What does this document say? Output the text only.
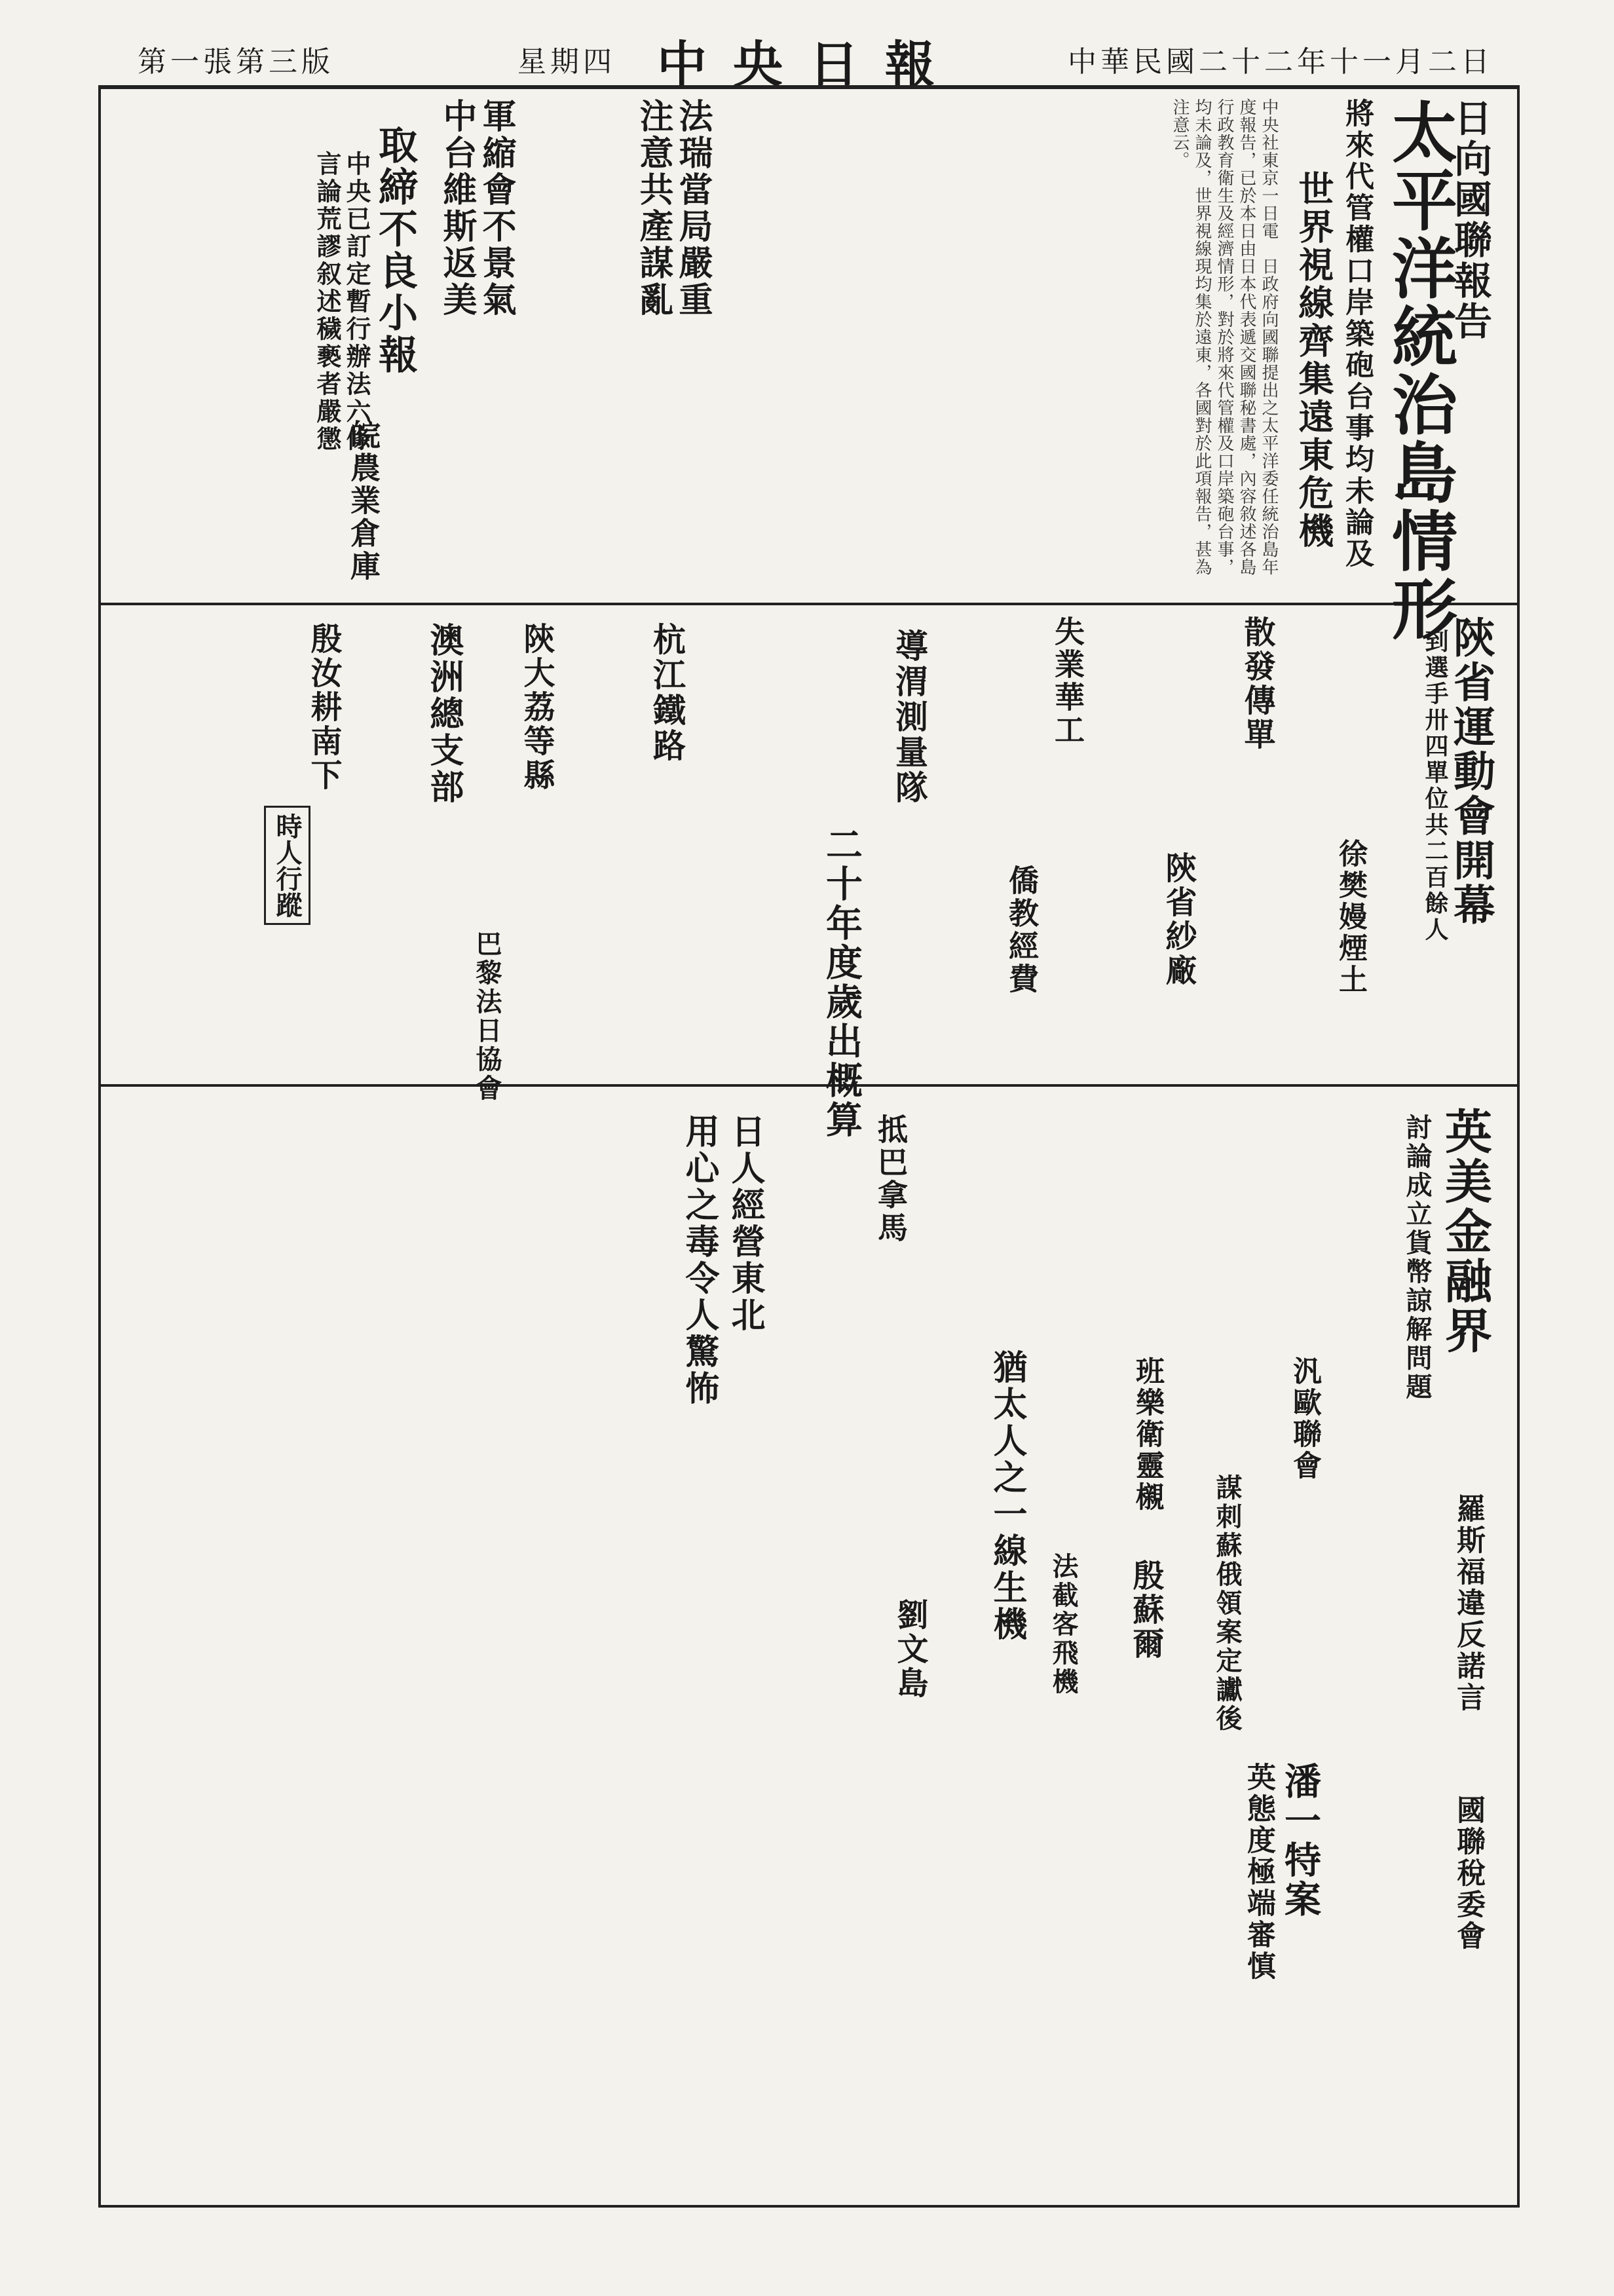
中華民國二十二年十一月二日
中央日報
星期四
第一張第三版
日向國聯報告
太平洋統治島情形
將來代管權口岸築砲台事均未論及
世界視線齊集遠東危機
中央社東京一日電　日政府向國聯提出之太平洋委任統治島年度報告，已於本日由日本代表遞交國聯秘書處，內容敘述各島行政教育衛生及經濟情形，對於將來代管權及口岸築砲台事，均未論及，世界視線現均集於遠東，各國對於此項報告，甚為注意云。
法瑞當局嚴重
注意共產謀亂
軍縮會不景氣
中台維斯返美
取締不良小報
中央已訂定暫行辦法六條
言論荒謬叙述穢褻者嚴懲
皖農業倉庫
陝省運動會開幕
到選手卅四單位共二百餘人
散發傳單
陝省紗廠	徐樊嫚煙土
失業華工
僑教經費
導渭測量隊
二十年度歲出概算
杭江鐵路
陝大荔等縣
澳洲總支部
巴黎法日協會
殷汝耕南下
時人行蹤
英美金融界
討論成立貨幣諒解問題
羅斯福違反諾言
國聯稅委會
潘一特案
英態度極端審慎
汎歐聯會
謀刺蘇俄領案定讞後
班樂衛靈櫬
殷蘇爾
法截客飛機
猶太人之一線生機
劉文島
抵巴拿馬
日人經營東北
用心之毒令人驚怖
